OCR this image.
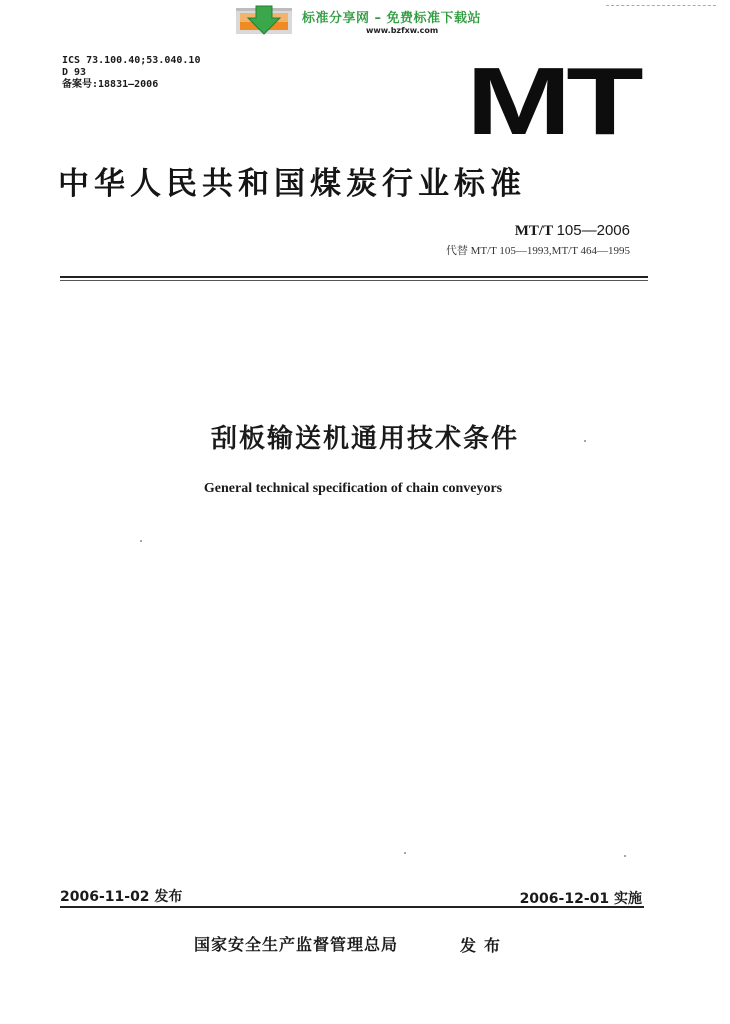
标准分享网 – 免费标准下载站
www.bzfxw.com
ICS 73.100.40;53.040.10
D 93
备案号:18831—2006	MT
中华人民共和国煤炭行业标准
MT/T 105—2006
代替 MT/T 105—1993,MT/T 464—1995
刮板输送机通用技术条件
General technical specification of chain conveyors
2006-11-02 发布	2006-12-01 实施
国家安全生产监督管理总局	发布
